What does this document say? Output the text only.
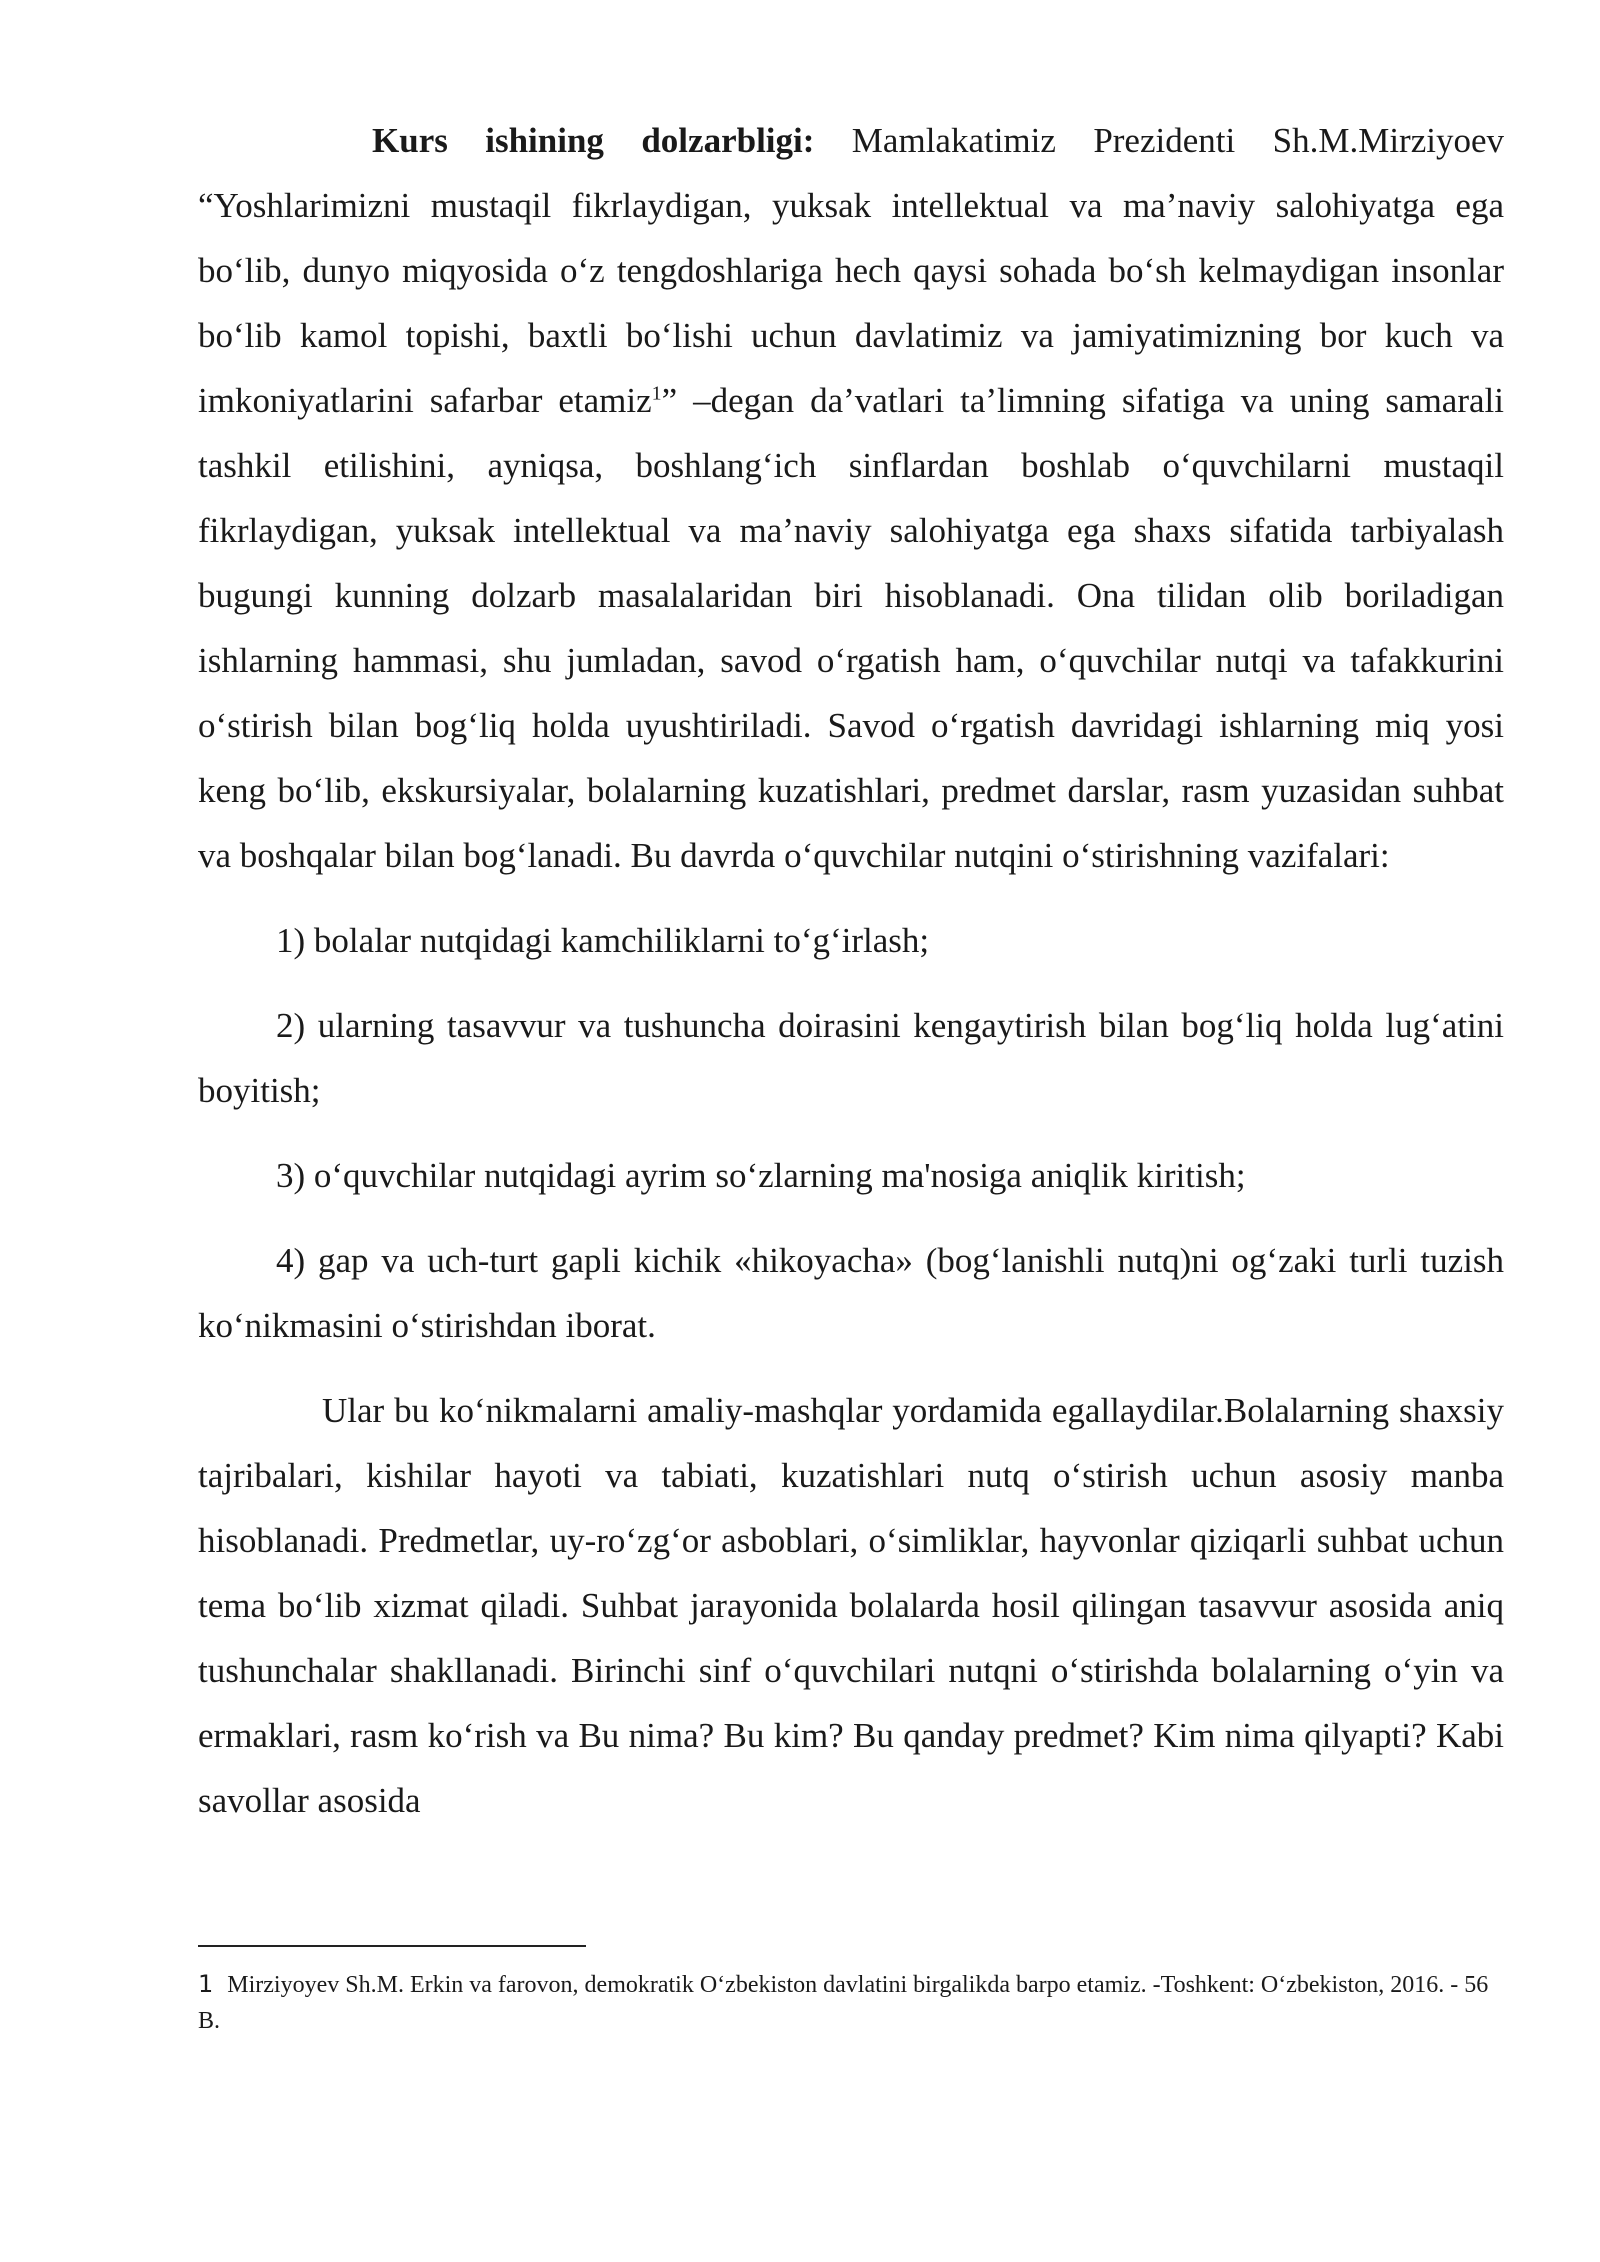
Kurs ishining dolzarbligi: Mamlakatimiz Prezidenti Sh.M.Mirziyoev “Yoshlarimizni mustaqil fikrlaydigan, yuksak intellektual va ma’naviy salohiyatga ega bo‘lib, dunyo miqyosida o‘z tengdoshlariga hech qaysi sohada bo‘sh kelmaydigan insonlar bo‘lib kamol topishi, baxtli bo‘lishi uchun davlatimiz va jamiyatimizning bor kuch va imkoniyatlarini safarbar etamiz$^1$” –degan da’vatlari ta’limning sifatiga va uning samarali tashkil etilishini, ayniqsa, boshlang‘ich sinflardan boshlab o‘quvchilarni mustaqil fikrlaydigan, yuksak intellektual va ma’naviy salohiyatga ega shaxs sifatida tarbiyalash bugungi kunning dolzarb masalalaridan biri hisoblanadi. Ona tilidan olib boriladigan ishlarning hammasi, shu jumladan, savod o‘rgatish ham, o‘quvchilar nutqi va tafakkurini o‘stirish bilan bog‘liq holda uyushtiriladi. Savod o‘rgatish davridagi ishlarning miq yosi keng bo‘lib, ekskursiyalar, bolalarning kuzatishlari, predmet darslar, rasm yuzasidan suhbat va boshqalar bilan bog‘lanadi. Bu davrda o‘quvchilar nutqini o‘stirishning vazifalari:

1) bolalar nutqidagi kamchiliklarni to‘g‘irlash;

2) ularning tasavvur va tushuncha doirasini kengaytirish bilan bog‘liq holda lug‘atini boyitish;

3) o‘quvchilar nutqidagi ayrim so‘zlarning ma'nosiga aniqlik kiritish;

4) gap va uch-turt gapli kichik «hikoyacha» (bog‘lanishli nutq)ni og‘zaki turli tuzish ko‘nikmasini o‘stirishdan iborat.

Ular bu ko‘nikmalarni amaliy-mashqlar yordamida egallaydilar.Bolalarning shaxsiy tajribalari, kishilar hayoti va tabiati, kuzatishlari nutq o‘stirish uchun asosiy manba hisoblanadi. Predmetlar, uy-ro‘zg‘or asboblari, o‘simliklar, hayvonlar qiziqarli suhbat uchun tema bo‘lib xizmat qiladi. Suhbat jarayonida bolalarda hosil qilingan tasavvur asosida aniq tushunchalar shakllanadi. Birinchi sinf o‘quvchilari nutqni o‘stirishda bolalarning o‘yin va ermaklari, rasm ko‘rish va Bu nima? Bu kim? Bu qanday predmet? Kim nima qilyapti? Kabi savollar asosida

1 Mirziyoyev Sh.M. Erkin va farovon, demokratik O‘zbekiston davlatini birgalikda barpo etamiz. -Toshkent: O‘zbekiston, 2016. - 56 B.
